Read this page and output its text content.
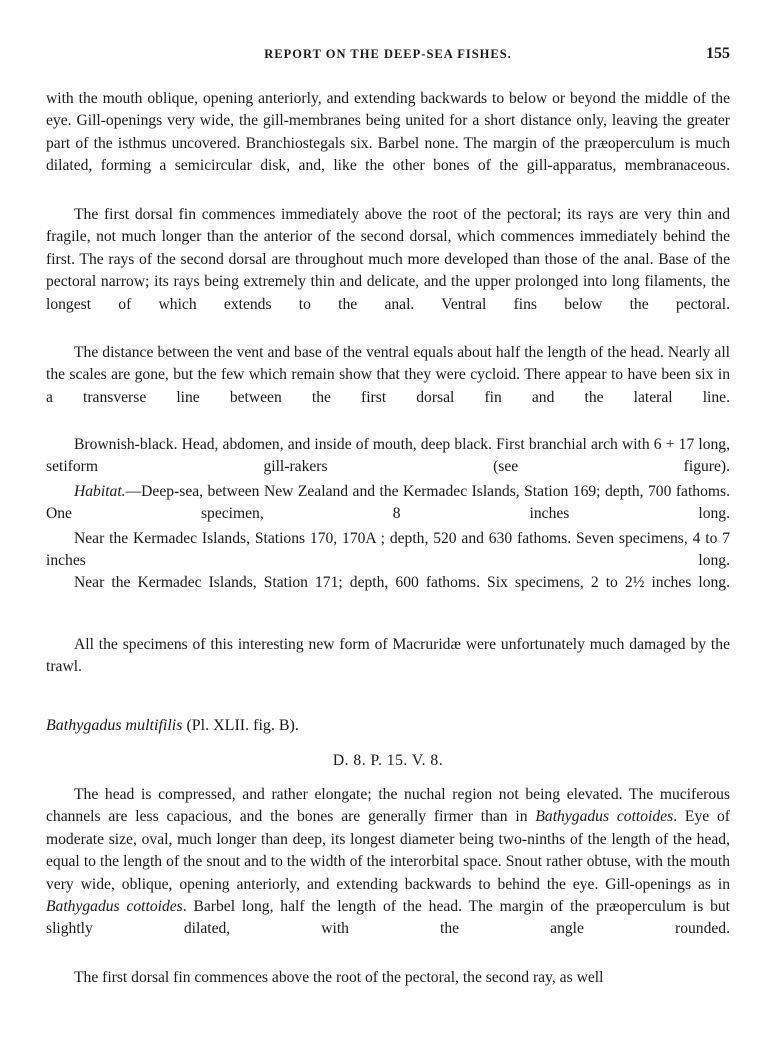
REPORT ON THE DEEP-SEA FISHES.	155

with the mouth oblique, opening anteriorly, and extending backwards to below or beyond the middle of the eye. Gill-openings very wide, the gill-membranes being united for a short distance only, leaving the greater part of the isthmus uncovered. Branchiostegals six. Barbel none. The margin of the præoperculum is much dilated, forming a semicircular disk, and, like the other bones of the gill-apparatus, membranaceous.

The first dorsal fin commences immediately above the root of the pectoral; its rays are very thin and fragile, not much longer than the anterior of the second dorsal, which commences immediately behind the first. The rays of the second dorsal are throughout much more developed than those of the anal. Base of the pectoral narrow; its rays being extremely thin and delicate, and the upper prolonged into long filaments, the longest of which extends to the anal. Ventral fins below the pectoral.

The distance between the vent and base of the ventral equals about half the length of the head. Nearly all the scales are gone, but the few which remain show that they were cycloid. There appear to have been six in a transverse line between the first dorsal fin and the lateral line.

Brownish-black. Head, abdomen, and inside of mouth, deep black. First branchial arch with 6 + 17 long, setiform gill-rakers (see figure).

Habitat.—Deep-sea, between New Zealand and the Kermadec Islands, Station 169; depth, 700 fathoms. One specimen, 8 inches long.

Near the Kermadec Islands, Stations 170, 170A ; depth, 520 and 630 fathoms. Seven specimens, 4 to 7 inches long.

Near the Kermadec Islands, Station 171; depth, 600 fathoms. Six specimens, 2 to 2½ inches long.

All the specimens of this interesting new form of Macruridæ were unfortunately much damaged by the trawl.

Bathygadus multifilis (Pl. XLII. fig. B).
D. 8. P. 15. V. 8.

The head is compressed, and rather elongate; the nuchal region not being elevated. The muciferous channels are less capacious, and the bones are generally firmer than in Bathygadus cottoides. Eye of moderate size, oval, much longer than deep, its longest diameter being two-ninths of the length of the head, equal to the length of the snout and to the width of the interorbital space. Snout rather obtuse, with the mouth very wide, oblique, opening anteriorly, and extending backwards to behind the eye. Gill-openings as in Bathygadus cottoides. Barbel long, half the length of the head. The margin of the præoperculum is but slightly dilated, with the angle rounded.

The first dorsal fin commences above the root of the pectoral, the second ray, as well
